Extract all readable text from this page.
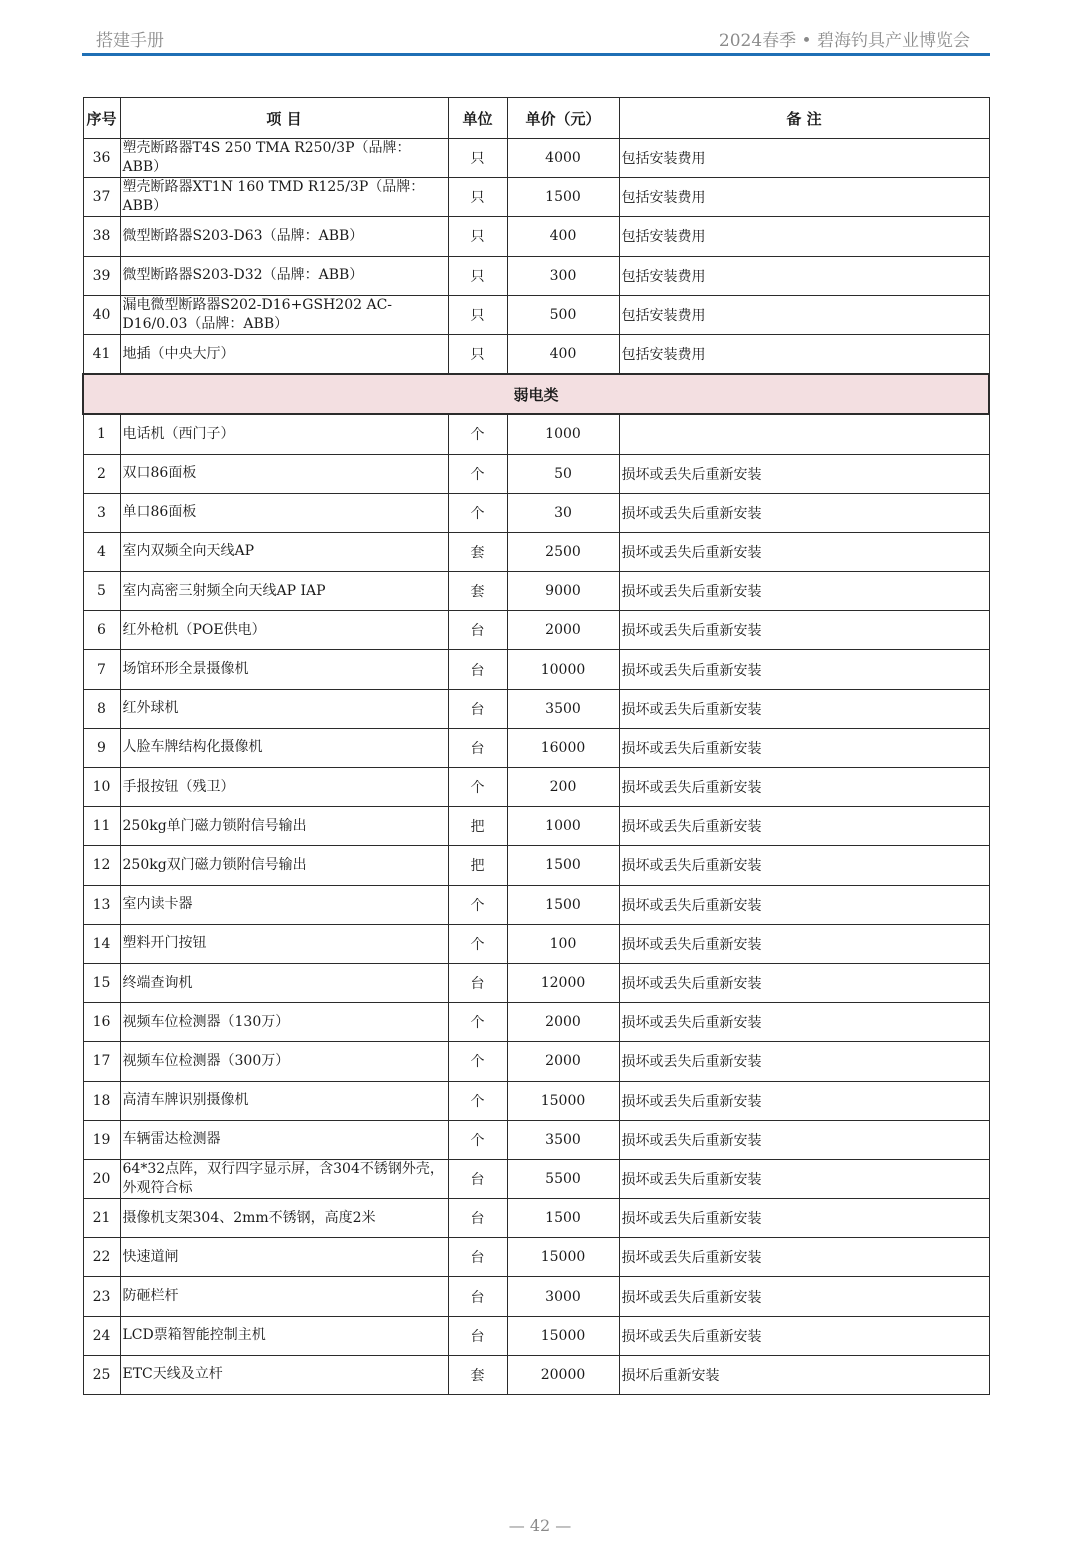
搭建手册	2024春季 • 碧海钓具产业博览会
序号	项 目	单位	单价（元）	备 注
36	塑壳断路器T4S 250 TMA R250/3P（品牌：ABB）	只	4000	包括安装费用
37	塑壳断路器XT1N 160 TMD R125/3P（品牌：ABB）	只	1500	包括安装费用
38	微型断路器S203-D63（品牌：ABB）	只	400	包括安装费用
39	微型断路器S203-D32（品牌：ABB）	只	300	包括安装费用
40	漏电微型断路器S202-D16+GSH202 AC-D16/0.03（品牌：ABB）	只	500	包括安装费用
41	地插（中央大厅）	只	400	包括安装费用
弱电类				
1	电话机（西门子）	个	1000	
2	双口86面板	个	50	损坏或丢失后重新安装
3	单口86面板	个	30	损坏或丢失后重新安装
4	室内双频全向天线AP	套	2500	损坏或丢失后重新安装
5	室内高密三射频全向天线AP IAP	套	9000	损坏或丢失后重新安装
6	红外枪机（POE供电）	台	2000	损坏或丢失后重新安装
7	场馆环形全景摄像机	台	10000	损坏或丢失后重新安装
8	红外球机	台	3500	损坏或丢失后重新安装
9	人脸车牌结构化摄像机	台	16000	损坏或丢失后重新安装
10	手报按钮（残卫）	个	200	损坏或丢失后重新安装
11	250kg单门磁力锁附信号输出	把	1000	损坏或丢失后重新安装
12	250kg双门磁力锁附信号输出	把	1500	损坏或丢失后重新安装
13	室内读卡器	个	1500	损坏或丢失后重新安装
14	塑料开门按钮	个	100	损坏或丢失后重新安装
15	终端查询机	台	12000	损坏或丢失后重新安装
16	视频车位检测器（130万）	个	2000	损坏或丢失后重新安装
17	视频车位检测器（300万）	个	2000	损坏或丢失后重新安装
18	高清车牌识别摄像机	个	15000	损坏或丢失后重新安装
19	车辆雷达检测器	个	3500	损坏或丢失后重新安装
20	64*32点阵，双行四字显示屏，含304不锈钢外壳，外观符合标	台	5500	损坏或丢失后重新安装
21	摄像机支架304、2mm不锈钢，高度2米	台	1500	损坏或丢失后重新安装
22	快速道闸	台	15000	损坏或丢失后重新安装
23	防砸栏杆	台	3000	损坏或丢失后重新安装
24	LCD票箱智能控制主机	台	15000	损坏或丢失后重新安装
25	ETC天线及立杆	套	20000	损坏后重新安装
— 42 —
